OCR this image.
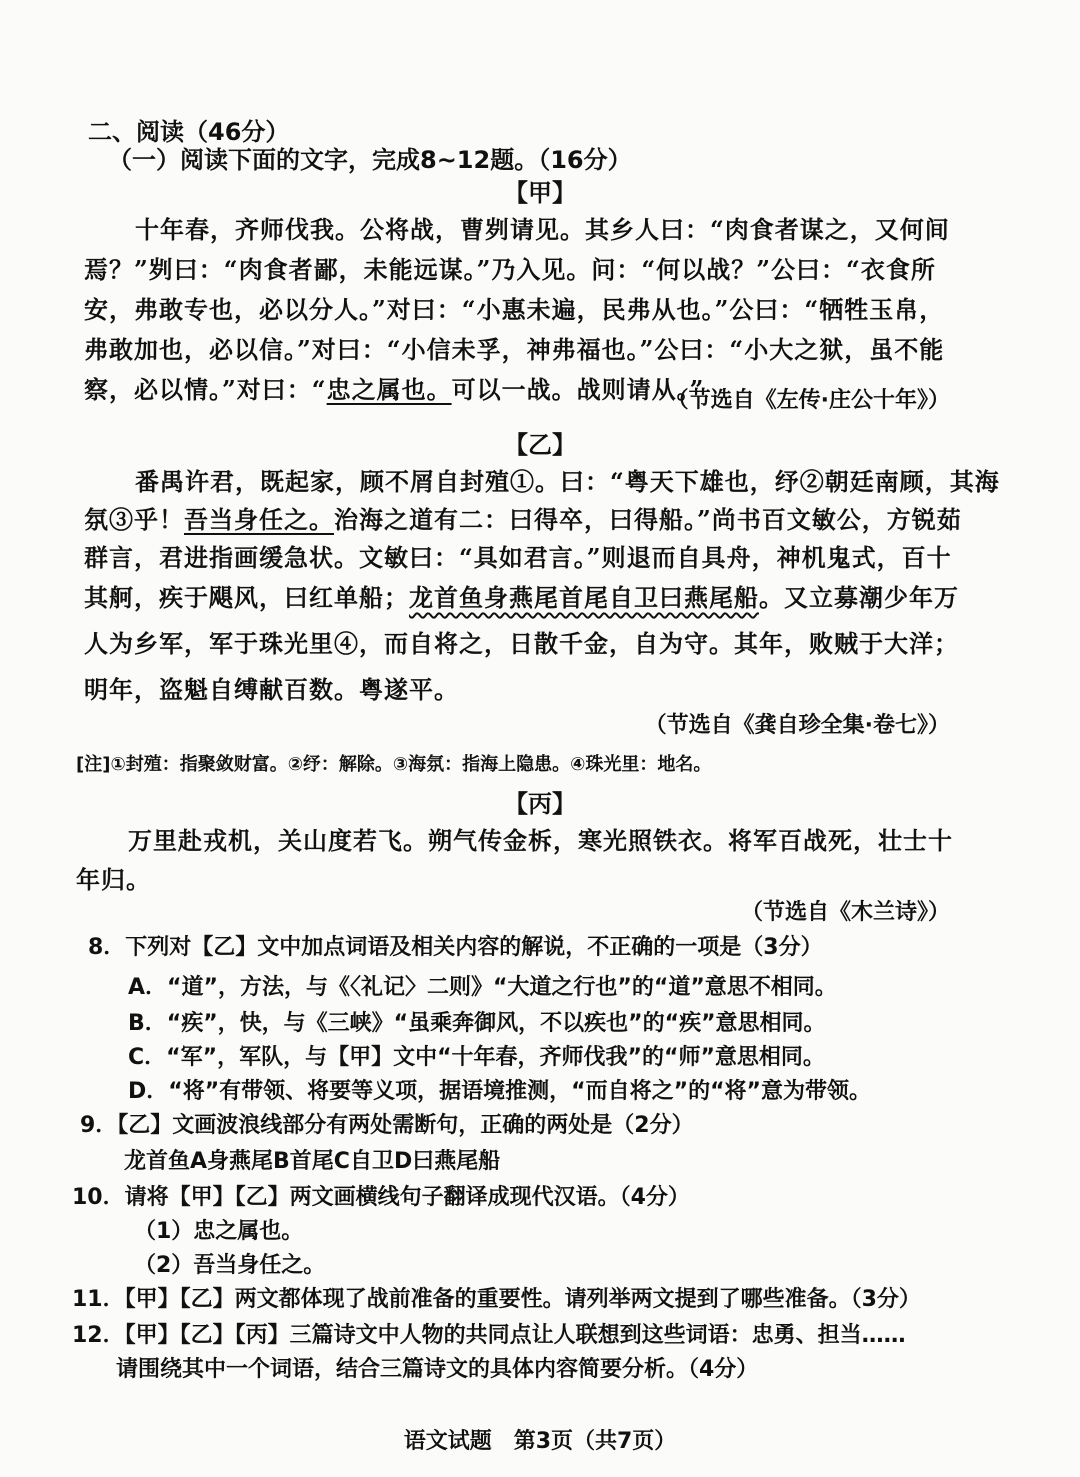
二、阅读（46分）
（一）阅读下面的文字，完成8~12题。（16分）
【甲】
十年春，齐师伐我。公将战，曹刿请见。其乡人曰：“肉食者谋之，又何间
焉？”刿曰：“肉食者鄙，未能远谋。”乃入见。问：“何以战？”公曰：“衣食所
安，弗敢专也，必以分人。”对曰：“小惠未遍，民弗从也。”公曰：“牺牲玉帛，
弗敢加也，必以信。”对曰：“小信未孚，神弗福也。”公曰：“小大之狱，虽不能
察，必以情。”对曰：“忠之属也。可以一战。战则请从。”
（节选自《左传·庄公十年》）
【乙】
番禺许君，既起家，顾不屑自封殖①。曰：“粤天下雄也，纾②朝廷南顾，其海
氛③乎！吾当身任之。治海之道有二：曰得卒，曰得船。”尚书百文敏公，方锐茹
群言，君进指画缓急状。文敏曰：“具如君言。”则退而自具舟，神机鬼式，百十
其舸，疾于飓风，曰红单船；龙首鱼身燕尾首尾自卫曰燕尾船。又立募潮少年万
人为乡军，军于珠光里④，而自将之，日散千金，自为守。其年，败贼于大洋；
明年，盗魁自缚献百数。粤遂平。
（节选自《龚自珍全集·卷七》）
[注]①封殖：指聚敛财富。②纾：解除。③海氛：指海上隐患。④珠光里：地名。
【丙】
万里赴戎机，关山度若飞。朔气传金柝，寒光照铁衣。将军百战死，壮士十
年归。
（节选自《木兰诗》）
8．下列对【乙】文中加点词语及相关内容的解说，不正确的一项是（3分）
A．“道”，方法，与《〈礼记〉二则》“大道之行也”的“道”意思不相同。
B．“疾”，快，与《三峡》“虽乘奔御风，不以疾也”的“疾”意思相同。
C．“军”，军队，与【甲】文中“十年春，齐师伐我”的“师”意思相同。
D．“将”有带领、将要等义项，据语境推测，“而自将之”的“将”意为带领。
9．【乙】文画波浪线部分有两处需断句，正确的两处是（2分）
龙首鱼A身燕尾B首尾C自卫D曰燕尾船
10．请将【甲】【乙】两文画横线句子翻译成现代汉语。（4分）
（1）忠之属也。
（2）吾当身任之。
11．【甲】【乙】两文都体现了战前准备的重要性。请列举两文提到了哪些准备。（3分）
12．【甲】【乙】【丙】三篇诗文中人物的共同点让人联想到这些词语：忠勇、担当……
请围绕其中一个词语，结合三篇诗文的具体内容简要分析。（4分）
语文试题　第3页（共7页）
